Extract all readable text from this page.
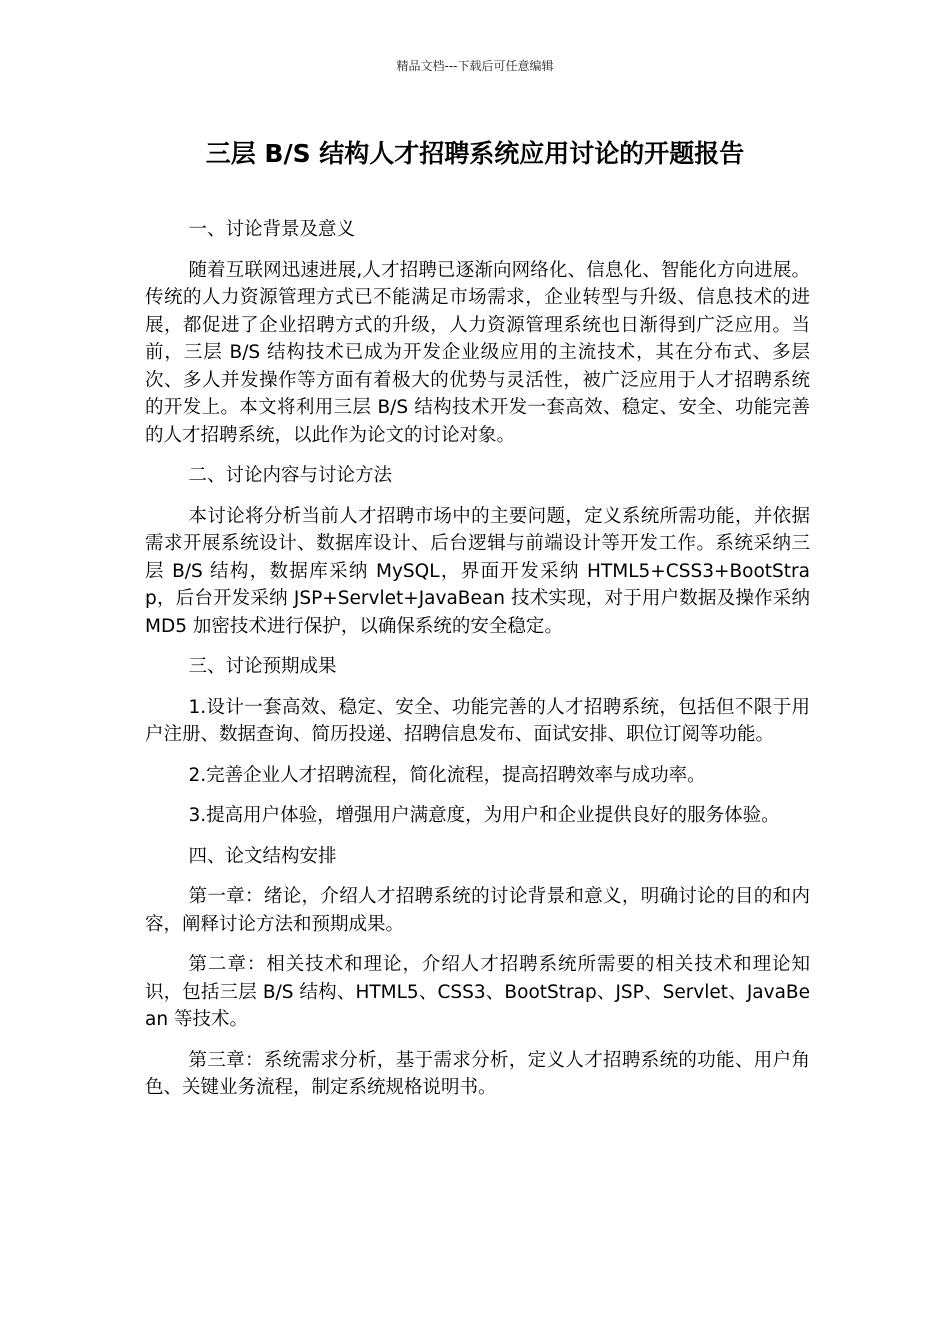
精品文档---下载后可任意编辑
三层 B/S 结构人才招聘系统应用讨论的开题报告

一、讨论背景及意义

随着互联网迅速进展,人才招聘已逐渐向网络化、信息化、智能化方向进展。传统的人力资源管理方式已不能满足市场需求，企业转型与升级、信息技术的进展，都促进了企业招聘方式的升级，人力资源管理系统也日渐得到广泛应用。当前，三层 B/S 结构技术已成为开发企业级应用的主流技术，其在分布式、多层次、多人并发操作等方面有着极大的优势与灵活性，被广泛应用于人才招聘系统的开发上。本文将利用三层 B/S 结构技术开发一套高效、稳定、安全、功能完善的人才招聘系统，以此作为论文的讨论对象。

二、讨论内容与讨论方法

本讨论将分析当前人才招聘市场中的主要问题，定义系统所需功能，并依据需求开展系统设计、数据库设计、后台逻辑与前端设计等开发工作。系统采纳三层 B/S 结构，数据库采纳 MySQL，界面开发采纳 HTML5+CSS3+BootStrap，后台开发采纳 JSP+Servlet+JavaBean 技术实现，对于用户数据及操作采纳 MD5 加密技术进行保护，以确保系统的安全稳定。

三、讨论预期成果

1.设计一套高效、稳定、安全、功能完善的人才招聘系统，包括但不限于用户注册、数据查询、简历投递、招聘信息发布、面试安排、职位订阅等功能。

2.完善企业人才招聘流程，简化流程，提高招聘效率与成功率。

3.提高用户体验，增强用户满意度，为用户和企业提供良好的服务体验。

四、论文结构安排

第一章：绪论，介绍人才招聘系统的讨论背景和意义，明确讨论的目的和内容，阐释讨论方法和预期成果。

第二章：相关技术和理论，介绍人才招聘系统所需要的相关技术和理论知识，包括三层 B/S 结构、HTML5、CSS3、BootStrap、JSP、Servlet、JavaBean 等技术。

第三章：系统需求分析，基于需求分析，定义人才招聘系统的功能、用户角色、关键业务流程，制定系统规格说明书。
